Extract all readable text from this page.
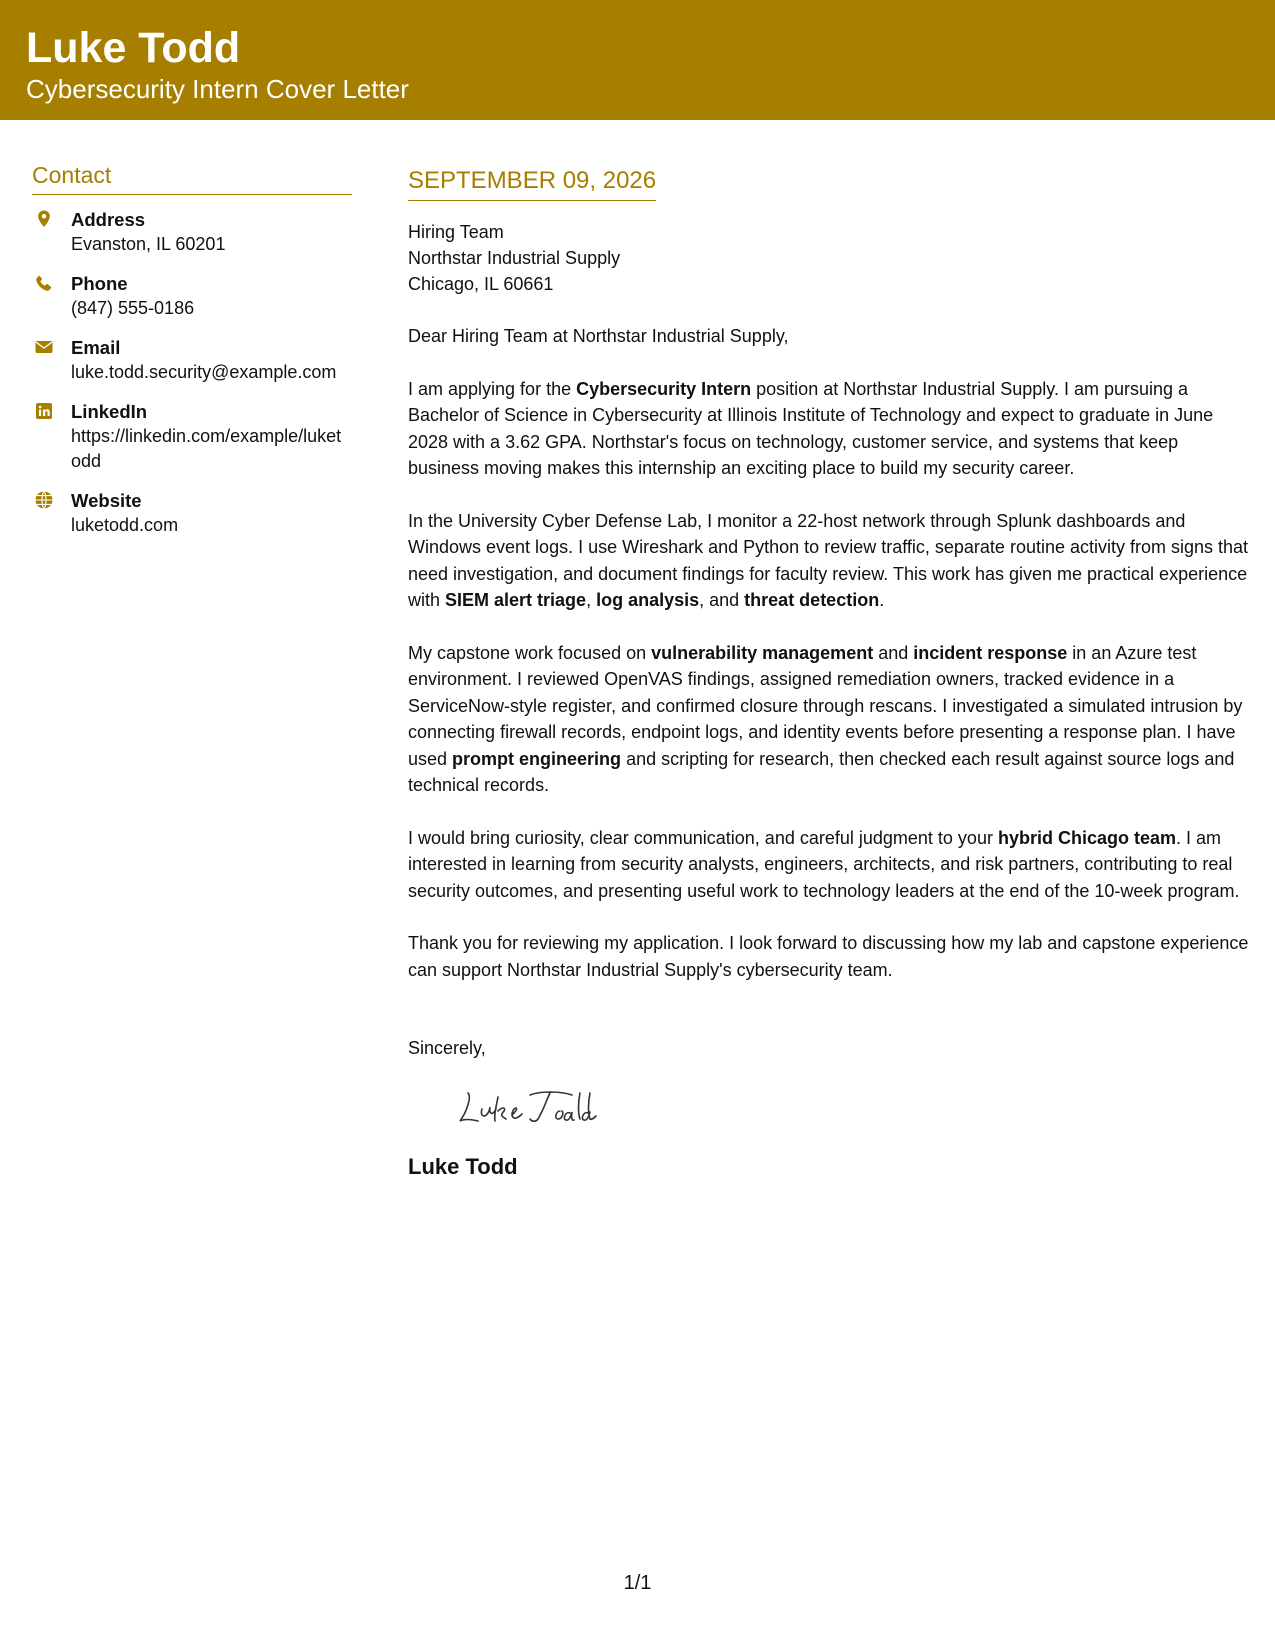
Luke Todd
Cybersecurity Intern Cover Letter
Contact
Address
Evanston, IL 60201
Phone
(847) 555-0186
Email
luke.todd.security@example.com
LinkedIn
https://linkedin.com/example/luketodd
Website
luketodd.com
SEPTEMBER 09, 2026

Hiring Team

Northstar Industrial Supply

Chicago, IL 60661

Dear Hiring Team at Northstar Industrial Supply,

I am applying for the Cybersecurity Intern position at Northstar Industrial Supply. I am pursuing a Bachelor of Science in Cybersecurity at Illinois Institute of Technology and expect to graduate in June 2028 with a 3.62 GPA. Northstar's focus on technology, customer service, and systems that keep business moving makes this internship an exciting place to build my security career.

In the University Cyber Defense Lab, I monitor a 22-host network through Splunk dashboards and Windows event logs. I use Wireshark and Python to review traffic, separate routine activity from signs that need investigation, and document findings for faculty review. This work has given me practical experience with SIEM alert triage, log analysis, and threat detection.

My capstone work focused on vulnerability management and incident response in an Azure test environment. I reviewed OpenVAS findings, assigned remediation owners, tracked evidence in a ServiceNow-style register, and confirmed closure through rescans. I investigated a simulated intrusion by connecting firewall records, endpoint logs, and identity events before presenting a response plan. I have used prompt engineering and scripting for research, then checked each result against source logs and technical records.

I would bring curiosity, clear communication, and careful judgment to your hybrid Chicago team. I am interested in learning from security analysts, engineers, architects, and risk partners, contributing to real security outcomes, and presenting useful work to technology leaders at the end of the 10-week program.

Thank you for reviewing my application. I look forward to discussing how my lab and capstone experience can support Northstar Industrial Supply's cybersecurity team.

Sincerely,
Luke Todd
1/1
